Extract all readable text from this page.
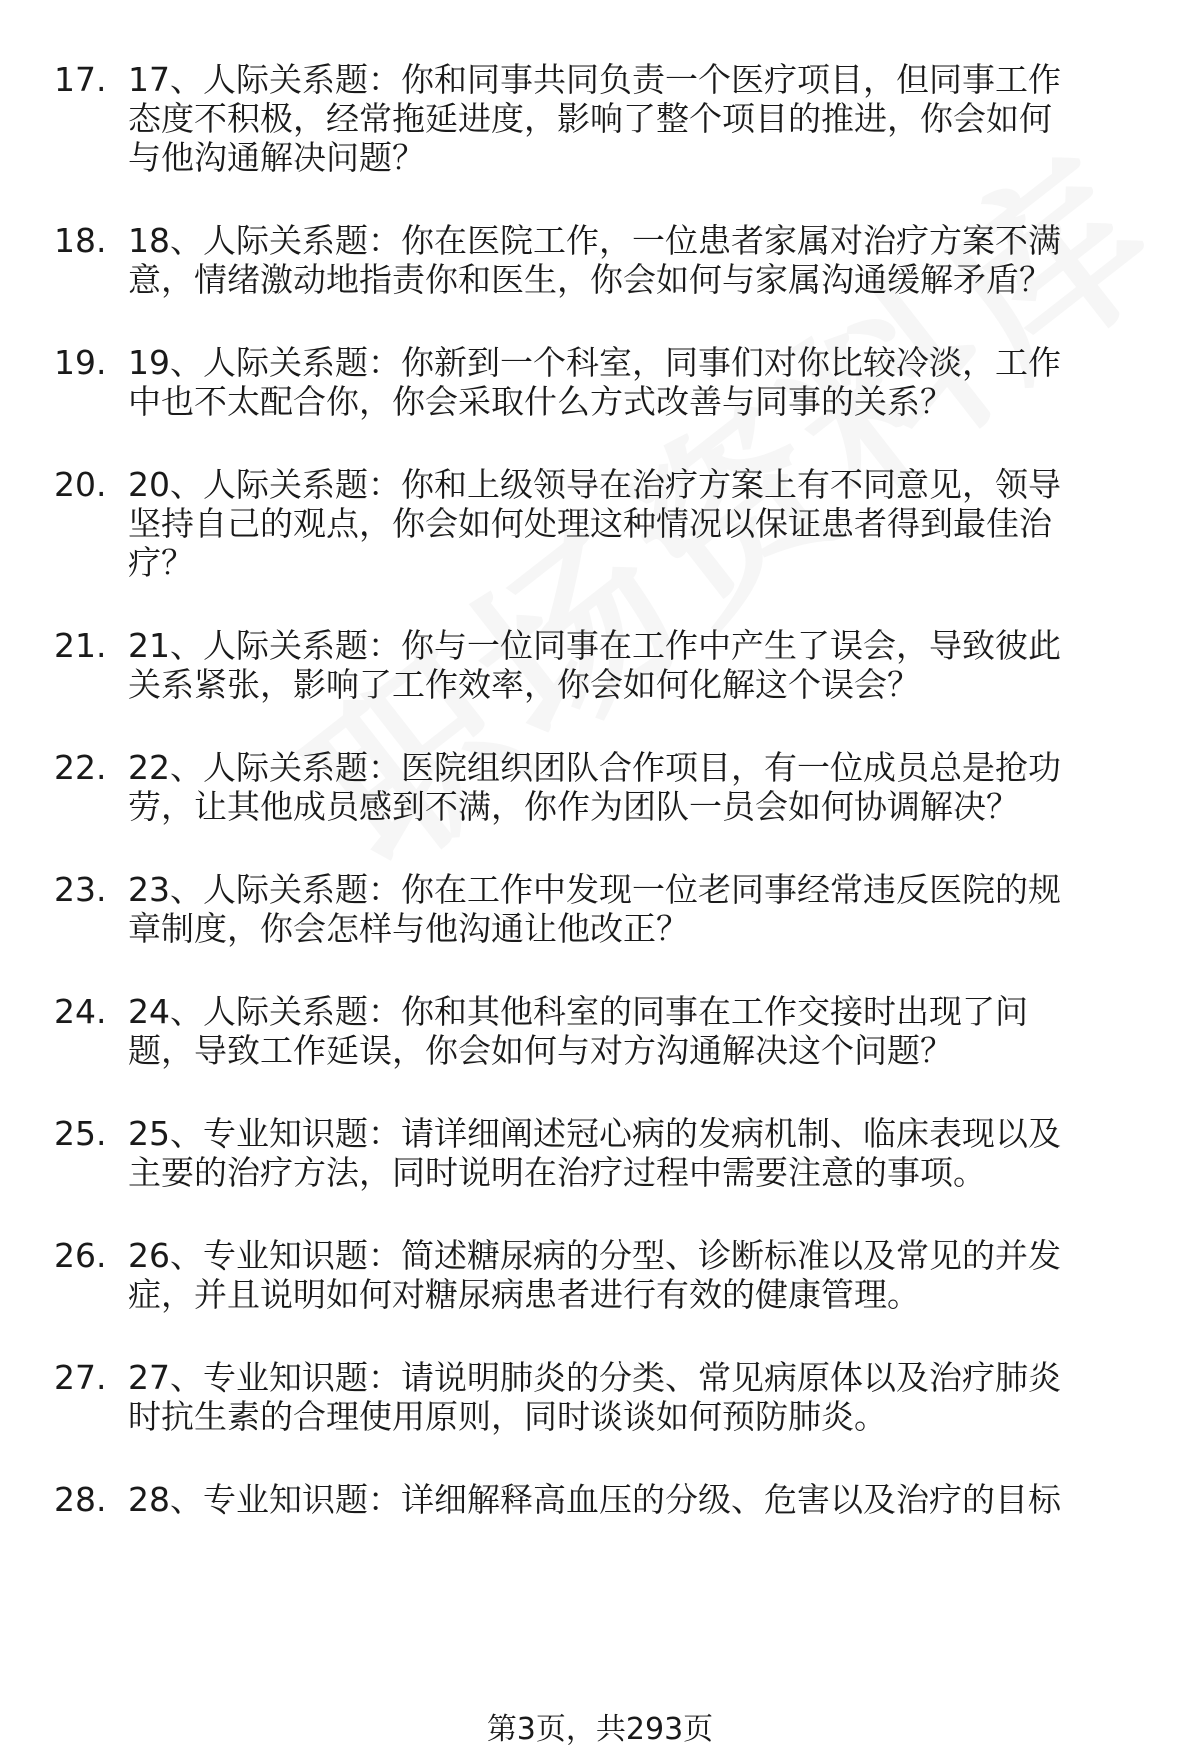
17. 17、人际关系题：你和同事共同负责一个医疗项目，但同事工作
态度不积极，经常拖延进度，影响了整个项目的推进，你会如何
与他沟通解决问题？
18. 18、人际关系题：你在医院工作，一位患者家属对治疗方案不满
意，情绪激动地指责你和医生，你会如何与家属沟通缓解矛盾？
19. 19、人际关系题：你新到一个科室，同事们对你比较冷淡，工作
中也不太配合你，你会采取什么方式改善与同事的关系？
20. 20、人际关系题：你和上级领导在治疗方案上有不同意见，领导
坚持自己的观点，你会如何处理这种情况以保证患者得到最佳治
疗？
21. 21、人际关系题：你与一位同事在工作中产生了误会，导致彼此
关系紧张，影响了工作效率，你会如何化解这个误会？
22. 22、人际关系题：医院组织团队合作项目，有一位成员总是抢功
劳，让其他成员感到不满，你作为团队一员会如何协调解决？
23. 23、人际关系题：你在工作中发现一位老同事经常违反医院的规
章制度，你会怎样与他沟通让他改正？
24. 24、人际关系题：你和其他科室的同事在工作交接时出现了问
题，导致工作延误，你会如何与对方沟通解决这个问题？
25. 25、专业知识题：请详细阐述冠心病的发病机制、临床表现以及
主要的治疗方法，同时说明在治疗过程中需要注意的事项。
26. 26、专业知识题：简述糖尿病的分型、诊断标准以及常见的并发
症，并且说明如何对糖尿病患者进行有效的健康管理。
27. 27、专业知识题：请说明肺炎的分类、常见病原体以及治疗肺炎
时抗生素的合理使用原则，同时谈谈如何预防肺炎。
28. 28、专业知识题：详细解释高血压的分级、危害以及治疗的目标
第3页，共293页
